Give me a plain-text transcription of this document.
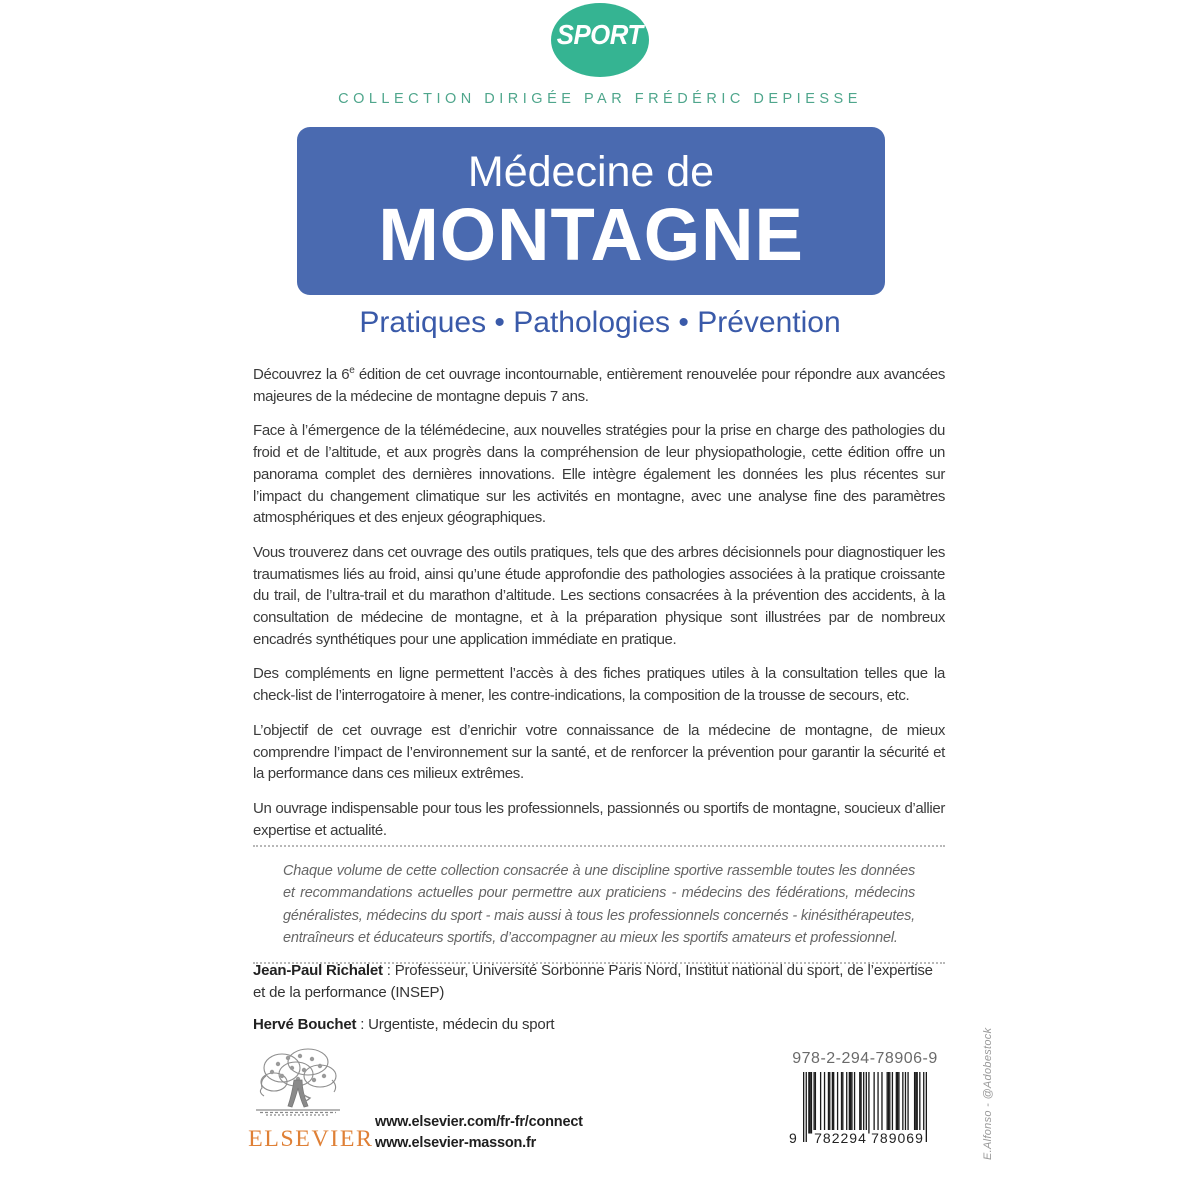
SPORT
COLLECTION DIRIGÉE PAR FRÉDÉRIC DEPIESSE
Médecine de
MONTAGNE
Pratiques • Pathologies • Prévention

Découvrez la 6e édition de cet ouvrage incontournable, entièrement renouvelée pour répondre aux avancées majeures de la médecine de montagne depuis 7 ans.

Face à l’émergence de la télémédecine, aux nouvelles stratégies pour la prise en charge des pathologies du froid et de l’altitude, et aux progrès dans la compréhension de leur physiopathologie, cette édition offre un panorama complet des dernières innovations. Elle intègre également les données les plus récentes sur l’impact du changement climatique sur les activités en montagne, avec une analyse fine des paramètres atmosphériques et des enjeux géographiques.

Vous trouverez dans cet ouvrage des outils pratiques, tels que des arbres décisionnels pour diagnostiquer les traumatismes liés au froid, ainsi qu’une étude approfondie des pathologies associées à la pratique croissante du trail, de l’ultra-trail et du marathon d’altitude. Les sections consacrées à la prévention des accidents, à la consultation de médecine de montagne, et à la préparation physique sont illustrées par de nombreux encadrés synthétiques pour une application immédiate en pratique.

Des compléments en ligne permettent l’accès à des fiches pratiques utiles à la consultation telles que la check-list de l’interrogatoire à mener, les contre-indications, la composition de la trousse de secours, etc.

L’objectif de cet ouvrage est d’enrichir votre connaissance de la médecine de montagne, de mieux comprendre l’impact de l’environnement sur la santé, et de renforcer la prévention pour garantir la sécurité et la performance dans ces milieux extrêmes.

Un ouvrage indispensable pour tous les professionnels, passionnés ou sportifs de montagne, soucieux d’allier expertise et actualité.

Chaque volume de cette collection consacrée à une discipline sportive rassemble toutes les données et recommandations actuelles pour permettre aux praticiens - médecins des fédérations, médecins généralistes, médecins du sport - mais aussi à tous les professionnels concernés - kinésithérapeutes, entraîneurs et éducateurs sportifs, d’accompagner au mieux les sportifs amateurs et professionnel.

Jean-Paul Richalet : Professeur, Université Sorbonne Paris Nord, Institut national du sport, de l’expertise et de la performance (INSEP)

Hervé Bouchet : Urgentiste, médecin du sport

ELSEVIER
www.elsevier.com/fr-fr/connect
www.elsevier-masson.fr
978-2-294-78906-9
9 782294 789069	E.Alfonso - @Adobestock
